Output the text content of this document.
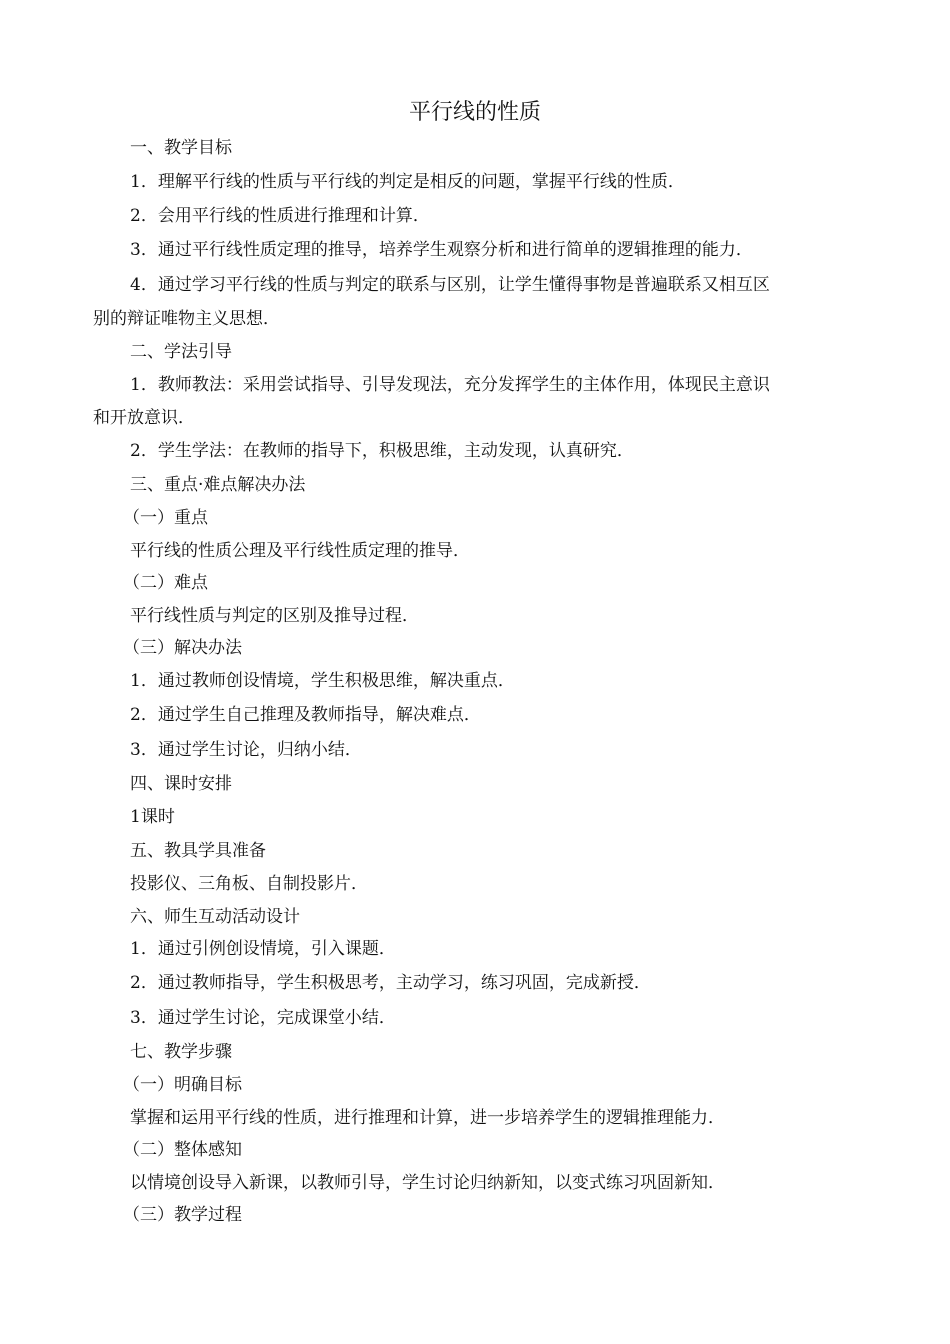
平行线的性质
一、教学目标
1．理解平行线的性质与平行线的判定是相反的问题，掌握平行线的性质．
2．会用平行线的性质进行推理和计算．
3．通过平行线性质定理的推导，培养学生观察分析和进行简单的逻辑推理的能力．
4．通过学习平行线的性质与判定的联系与区别，让学生懂得事物是普遍联系又相互区
别的辩证唯物主义思想．
二、学法引导
1．教师教法：采用尝试指导、引导发现法，充分发挥学生的主体作用，体现民主意识
和开放意识．
2．学生学法：在教师的指导下，积极思维，主动发现，认真研究．
三、重点·难点解决办法
（一）重点
平行线的性质公理及平行线性质定理的推导．
（二）难点
平行线性质与判定的区别及推导过程．
（三）解决办法
1．通过教师创设情境，学生积极思维，解决重点．
2．通过学生自己推理及教师指导，解决难点．
3．通过学生讨论，归纳小结．
四、课时安排
1课时
五、教具学具准备
投影仪、三角板、自制投影片．
六、师生互动活动设计
1．通过引例创设情境，引入课题．
2．通过教师指导，学生积极思考，主动学习，练习巩固，完成新授．
3．通过学生讨论，完成课堂小结．
七、教学步骤
（一）明确目标
掌握和运用平行线的性质，进行推理和计算，进一步培养学生的逻辑推理能力．
（二）整体感知
以情境创设导入新课，以教师引导，学生讨论归纳新知，以变式练习巩固新知．
（三）教学过程
